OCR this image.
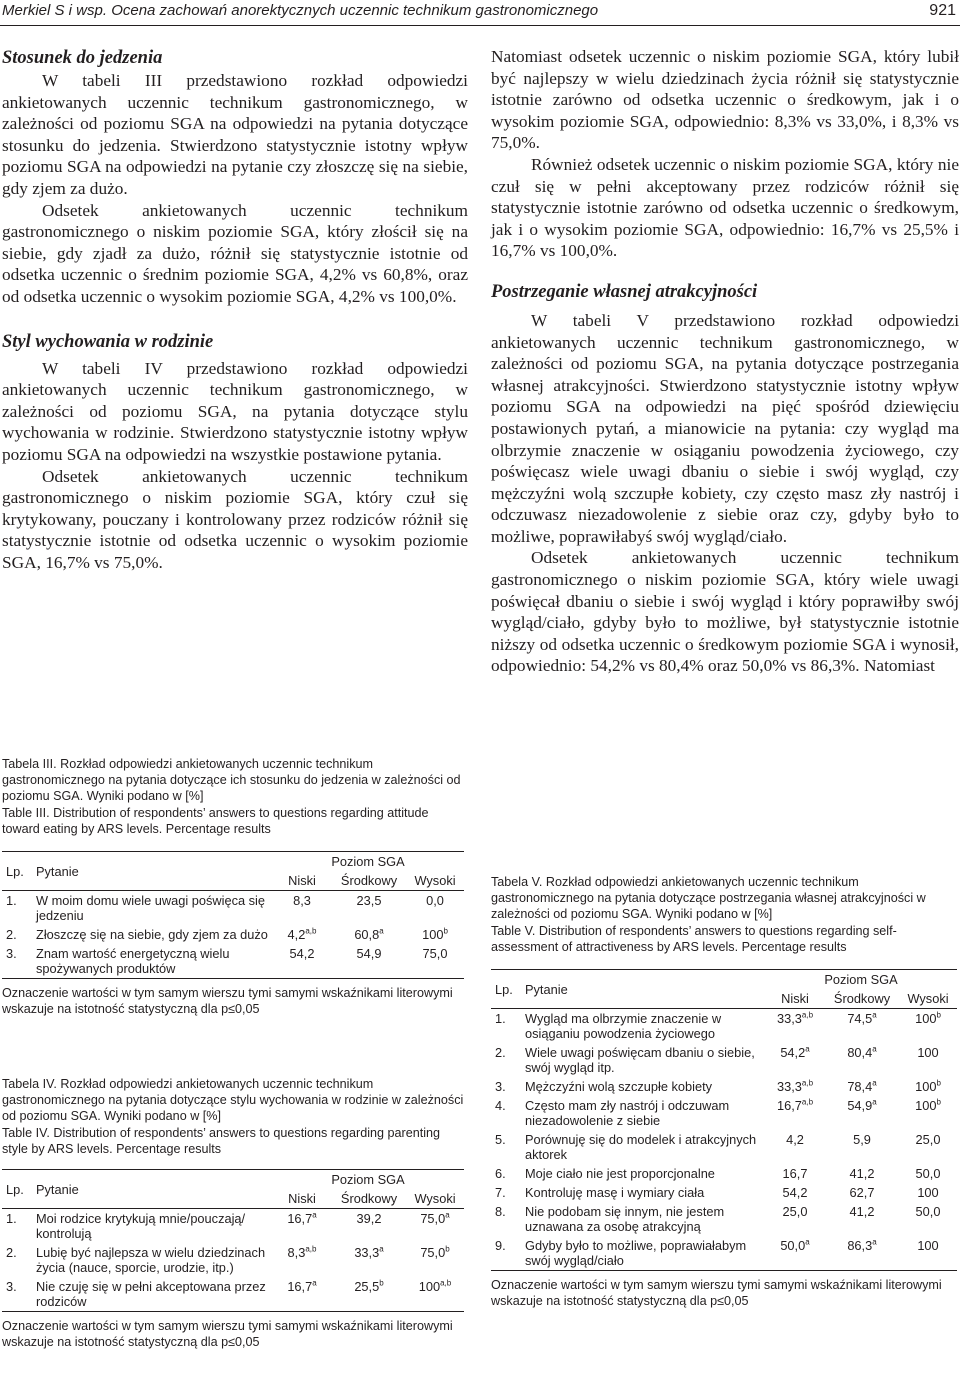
Merkiel S i wsp. Ocena zachowań anorektycznych uczennic technikum gastronomicznego	921
Stosunek do jedzenia

W tabeli III przedstawiono rozkład odpowiedzi ankietowanych uczennic technikum gastronomicznego, w zależności od poziomu SGA na odpowiedzi na pytania dotyczące stosunku do jedzenia. Stwierdzono statystycznie istotny wpływ poziomu SGA na odpowiedzi na pytanie czy złoszczę się na siebie, gdy zjem za dużo.

Odsetek ankietowanych uczennic technikum gastronomicznego o niskim poziomie SGA, który złościł się na siebie, gdy zjadł za dużo, różnił się statystycznie istotnie od odsetka uczennic o średnim poziomie SGA, 4,2% vs 60,8%, oraz od odsetka uczennic o wysokim poziomie SGA, 4,2% vs 100,0%.

Styl wychowania w rodzinie

W tabeli IV przedstawiono rozkład odpowiedzi ankietowanych uczennic technikum gastronomicznego, w zależności od poziomu SGA, na pytania dotyczące stylu wychowania w rodzinie. Stwierdzono statystycznie istotny wpływ poziomu SGA na odpowiedzi na wszystkie postawione pytania.

Odsetek ankietowanych uczennic technikum gastronomicznego o niskim poziomie SGA, który czuł się krytykowany, pouczany i kontrolowany przez rodziców różnił się statystycznie istotnie od odsetka uczennic o wysokim poziomie SGA, 16,7% vs 75,0%.

Tabela III. Rozkład odpowiedzi ankietowanych uczennic technikum gastronomicznego na pytania dotyczące ich stosunku do jedzenia w zależności od poziomu SGA. Wyniki podano w [%]

Table III. Distribution of respondents’ answers to questions regarding attitude toward eating by ARS levels. Percentage results

Lp.	Pytanie	Poziom SGA		
		Niski	Środkowy	Wysoki
1.	W moim domu wiele uwagi poświęca się jedzeniu	8,3	23,5	0,0
2.	Złoszczę się na siebie, gdy zjem za dużo	4,2$^{a,b}$	60,8$^a$	100$^b$
3.	Znam wartość energetyczną wielu spożywanych produktów	54,2	54,9	75,0
Oznaczenie wartości w tym samym wierszu tymi samymi wskaźnikami literowymi wskazuje na istotność statystyczną dla p≤0,05

Tabela IV. Rozkład odpowiedzi ankietowanych uczennic technikum gastronomicznego na pytania dotyczące stylu wychowania w rodzinie w zależności od poziomu SGA. Wyniki podano w [%]

Table IV. Distribution of respondents’ answers to questions regarding parenting style by ARS levels. Percentage results

Lp.	Pytanie	Poziom SGA		
		Niski	Środkowy	Wysoki
1.	Moi rodzice krytykują mnie/pouczają/ kontrolują	16,7$^a$	39,2	75,0$^a$
2.	Lubię być najlepsza w wielu dziedzinach życia (nauce, sporcie, urodzie, itp.)	8,3$^{a,b}$	33,3$^a$	75,0$^b$
3.	Nie czuję się w pełni akceptowana przez rodziców	16,7$^a$	25,5$^b$	100$^{a,b}$
Oznaczenie wartości w tym samym wierszu tymi samymi wskaźnikami literowymi wskazuje na istotność statystyczną dla p≤0,05

Natomiast odsetek uczennic o niskim poziomie SGA, który lubił być najlepszy w wielu dziedzinach życia różnił się statystycznie istotnie zarówno od odsetka uczennic o średkowym, jak i o wysokim poziomie SGA, odpowiednio: 8,3% vs 33,0%, i 8,3% vs 75,0%.

Również odsetek uczennic o niskim poziomie SGA, który nie czuł się w pełni akceptowany przez rodziców różnił się statystycznie istotnie zarówno od odsetka uczennic o średkowym, jak i o wysokim poziomie SGA, odpowiednio: 16,7% vs 25,5% i 16,7% vs 100,0%.

Postrzeganie własnej atrakcyjności

W tabeli V przedstawiono rozkład odpowiedzi ankietowanych uczennic technikum gastronomicznego, w zależności od poziomu SGA, na pytania dotyczące postrzegania własnej atrakcyjności. Stwierdzono statystycznie istotny wpływ poziomu SGA na odpowiedzi na pięć spośród dziewięciu postawionych pytań, a mianowicie na pytania: czy wygląd ma olbrzymie znaczenie w osiąganiu powodzenia życiowego, czy poświęcasz wiele uwagi dbaniu o siebie i swój wygląd, czy mężczyźni wolą szczupłe kobiety, czy często masz zły nastrój i odczuwasz niezadowolenie z siebie oraz czy, gdyby było to możliwe, poprawiłabyś swój wygląd/ciało.

Odsetek ankietowanych uczennic technikum gastronomicznego o niskim poziomie SGA, który wiele uwagi poświęcał dbaniu o siebie i swój wygląd i który poprawiłby swój wygląd/ciało, gdyby było to możliwe, był statystycznie istotnie niższy od odsetka uczennic o średkowym poziomie SGA i wynosił, odpowiednio: 54,2% vs 80,4% oraz 50,0% vs 86,3%. Natomiast

Tabela V. Rozkład odpowiedzi ankietowanych uczennic technikum gastronomicznego na pytania dotyczące postrzegania własnej atrakcyjności w zależności od poziomu SGA. Wyniki podano w [%]

Table V. Distribution of respondents’ answers to questions regarding self-assessment of attractiveness by ARS levels. Percentage results

Lp.	Pytanie	Poziom SGA		
		Niski	Środkowy	Wysoki
1.	Wygląd ma olbrzymie znaczenie w osiąganiu powodzenia życiowego	33,3$^{a,b}$	74,5$^a$	100$^b$
2.	Wiele uwagi poświęcam dbaniu o siebie, swój wygląd itp.	54,2$^a$	80,4$^a$	100
3.	Mężczyźni wolą szczupłe kobiety	33,3$^{a,b}$	78,4$^a$	100$^b$
4.	Często mam zły nastrój i odczuwam niezadowolenie z siebie	16,7$^{a,b}$	54,9$^a$	100$^b$
5.	Porównuję się do modelek i atrakcyjnych aktorek	4,2	5,9	25,0
6.	Moje ciało nie jest proporcjonalne	16,7	41,2	50,0
7.	Kontroluję masę i wymiary ciała	54,2	62,7	100
8.	Nie podobam się innym, nie jestem uznawana za osobę atrakcyjną	25,0	41,2	50,0
9.	Gdyby było to możliwe, poprawiałabym swój wygląd/ciało	50,0$^a$	86,3$^a$	100
Oznaczenie wartości w tym samym wierszu tymi samymi wskaźnikami literowymi wskazuje na istotność statystyczną dla p≤0,05
